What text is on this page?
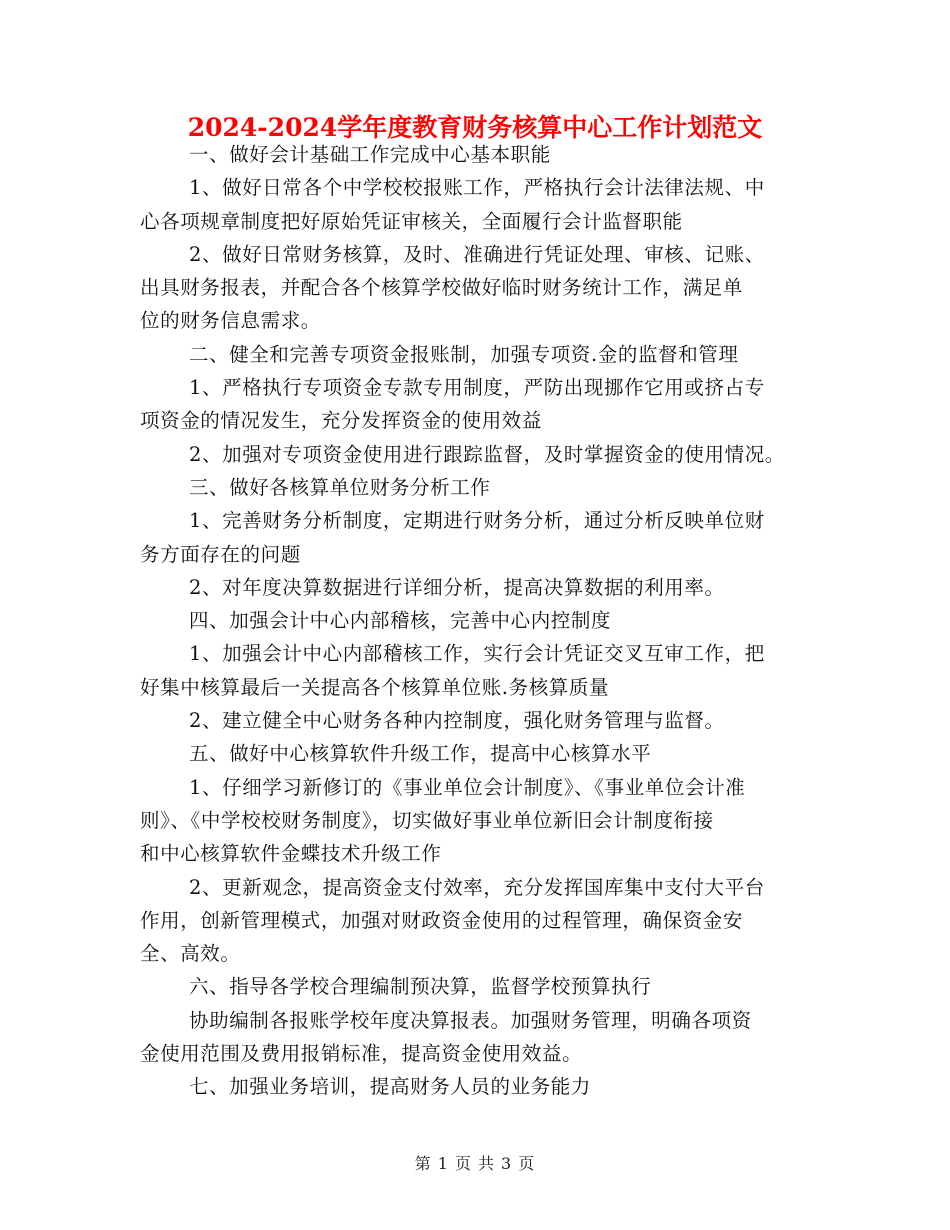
2024-2024学年度教育财务核算中心工作计划范文
一、做好会计基础工作完成中心基本职能
1、做好日常各个中学校校报账工作，严格执行会计法律法规、中
心各项规章制度把好原始凭证审核关，全面履行会计监督职能
2、做好日常财务核算，及时、准确进行凭证处理、审核、记账、
出具财务报表，并配合各个核算学校做好临时财务统计工作，满足单
位的财务信息需求。
二、健全和完善专项资金报账制，加强专项资.金的监督和管理
1、严格执行专项资金专款专用制度，严防出现挪作它用或挤占专
项资金的情况发生，充分发挥资金的使用效益
2、加强对专项资金使用进行跟踪监督，及时掌握资金的使用情况。
三、做好各核算单位财务分析工作
1、完善财务分析制度，定期进行财务分析，通过分析反映单位财
务方面存在的问题
2、对年度决算数据进行详细分析，提高决算数据的利用率。
四、加强会计中心内部稽核，完善中心内控制度
1、加强会计中心内部稽核工作，实行会计凭证交叉互审工作，把
好集中核算最后一关提高各个核算单位账.务核算质量
2、建立健全中心财务各种内控制度，强化财务管理与监督。
五、做好中心核算软件升级工作，提高中心核算水平
1、仔细学习新修订的《事业单位会计制度》、《事业单位会计准
则》、《中学校校财务制度》，切实做好事业单位新旧会计制度衔接
和中心核算软件金蝶技术升级工作
2、更新观念，提高资金支付效率，充分发挥国库集中支付大平台
作用，创新管理模式，加强对财政资金使用的过程管理，确保资金安
全、高效。
六、指导各学校合理编制预决算，监督学校预算执行
协助编制各报账学校年度决算报表。加强财务管理，明确各项资
金使用范围及费用报销标准，提高资金使用效益。
七、加强业务培训，提高财务人员的业务能力
第 1 页 共 3 页
